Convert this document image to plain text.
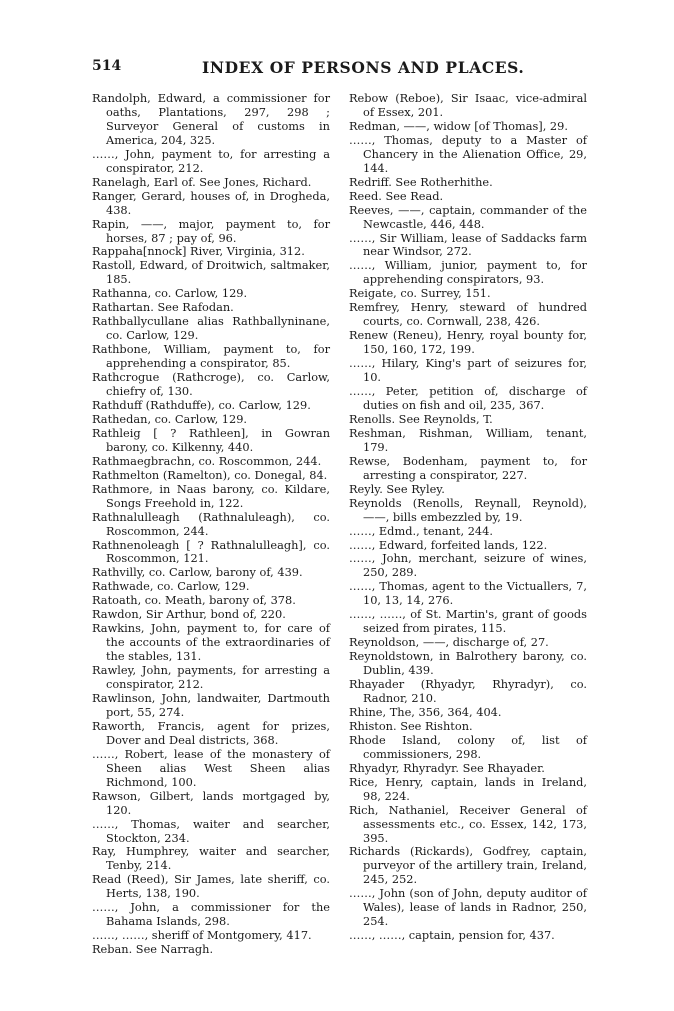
514	INDEX OF PERSONS AND PLACES.

Randolph, Edward, a commissioner for oaths, Plantations, 297, 298 ; Surveyor General of customs in America, 204, 325.

……, John, payment to, for arresting a conspirator, 212.

Ranelagh, Earl of. See Jones, Richard.

Ranger, Gerard, houses of, in Drogheda, 438.

Rapin, ——, major, payment to, for horses, 87 ; pay of, 96.

Rappaha[nnock] River, Virginia, 312.

Rastoll, Edward, of Droitwich, saltmaker, 185.

Rathanna, co. Carlow, 129.

Rathartan. See Rafodan.

Rathballycullane alias Rathballyninane, co. Carlow, 129.

Rathbone, William, payment to, for apprehending a conspirator, 85.

Rathcrogue (Rathcroge), co. Carlow, chiefry of, 130.

Rathduff (Rathduffe), co. Carlow, 129.

Rathedan, co. Carlow, 129.

Rathleig [ ? Rathleen], in Gowran barony, co. Kilkenny, 440.

Rathmaegbrachn, co. Roscommon, 244.

Rathmelton (Ramelton), co. Donegal, 84.

Rathmore, in Naas barony, co. Kildare, Songs Freehold in, 122.

Rathnalulleagh (Rathnaluleagh), co. Roscommon, 244.

Rathnenoleagh [ ? Rathnalulleagh], co. Roscommon, 121.

Rathvilly, co. Carlow, barony of, 439.

Rathwade, co. Carlow, 129.

Ratoath, co. Meath, barony of, 378.

Rawdon, Sir Arthur, bond of, 220.

Rawkins, John, payment to, for care of the accounts of the extraordinaries of the stables, 131.

Rawley, John, payments, for arresting a conspirator, 212.

Rawlinson, John, landwaiter, Dartmouth port, 55, 274.

Raworth, Francis, agent for prizes, Dover and Deal districts, 368.

……, Robert, lease of the monastery of Sheen alias West Sheen alias Richmond, 100.

Rawson, Gilbert, lands mortgaged by, 120.

……, Thomas, waiter and searcher, Stockton, 234.

Ray, Humphrey, waiter and searcher, Tenby, 214.

Read (Reed), Sir James, late sheriff, co. Herts, 138, 190.

……, John, a commissioner for the Bahama Islands, 298.

……, ……, sheriff of Montgomery, 417.

Reban. See Narragh.

Rebow (Reboe), Sir Isaac, vice-admiral of Essex, 201.

Redman, ——, widow [of Thomas], 29.

……, Thomas, deputy to a Master of Chancery in the Alienation Office, 29, 144.

Redriff. See Rotherhithe.

Reed. See Read.

Reeves, ——, captain, commander of the Newcastle, 446, 448.

……, Sir William, lease of Saddacks farm near Windsor, 272.

……, William, junior, payment to, for apprehending conspirators, 93.

Reigate, co. Surrey, 151.

Remfrey, Henry, steward of hundred courts, co. Cornwall, 238, 426.

Renew (Reneu), Henry, royal bounty for, 150, 160, 172, 199.

……, Hilary, King's part of seizures for, 10.

……, Peter, petition of, discharge of duties on fish and oil, 235, 367.

Renolls. See Reynolds, T.

Reshman, Rishman, William, tenant, 179.

Rewse, Bodenham, payment to, for arresting a conspirator, 227.

Reyly. See Ryley.

Reynolds (Renolls, Reynall, Reynold), ——, bills embezzled by, 19.

……, Edmd., tenant, 244.

……, Edward, forfeited lands, 122.

……, John, merchant, seizure of wines, 250, 289.

……, Thomas, agent to the Victuallers, 7, 10, 13, 14, 276.

……, ……, of St. Martin's, grant of goods seized from pirates, 115.

Reynoldson, ——, discharge of, 27.

Reynoldstown, in Balrothery barony, co. Dublin, 439.

Rhayader (Rhyadyr, Rhyradyr), co. Radnor, 210.

Rhine, The, 356, 364, 404.

Rhiston. See Rishton.

Rhode Island, colony of, list of commissioners, 298.

Rhyadyr, Rhyradyr. See Rhayader.

Rice, Henry, captain, lands in Ireland, 98, 224.

Rich, Nathaniel, Receiver General of assessments etc., co. Essex, 142, 173, 395.

Richards (Rickards), Godfrey, captain, purveyor of the artillery train, Ireland, 245, 252.

……, John (son of John, deputy auditor of Wales), lease of lands in Radnor, 250, 254.

……, ……, captain, pension for, 437.
